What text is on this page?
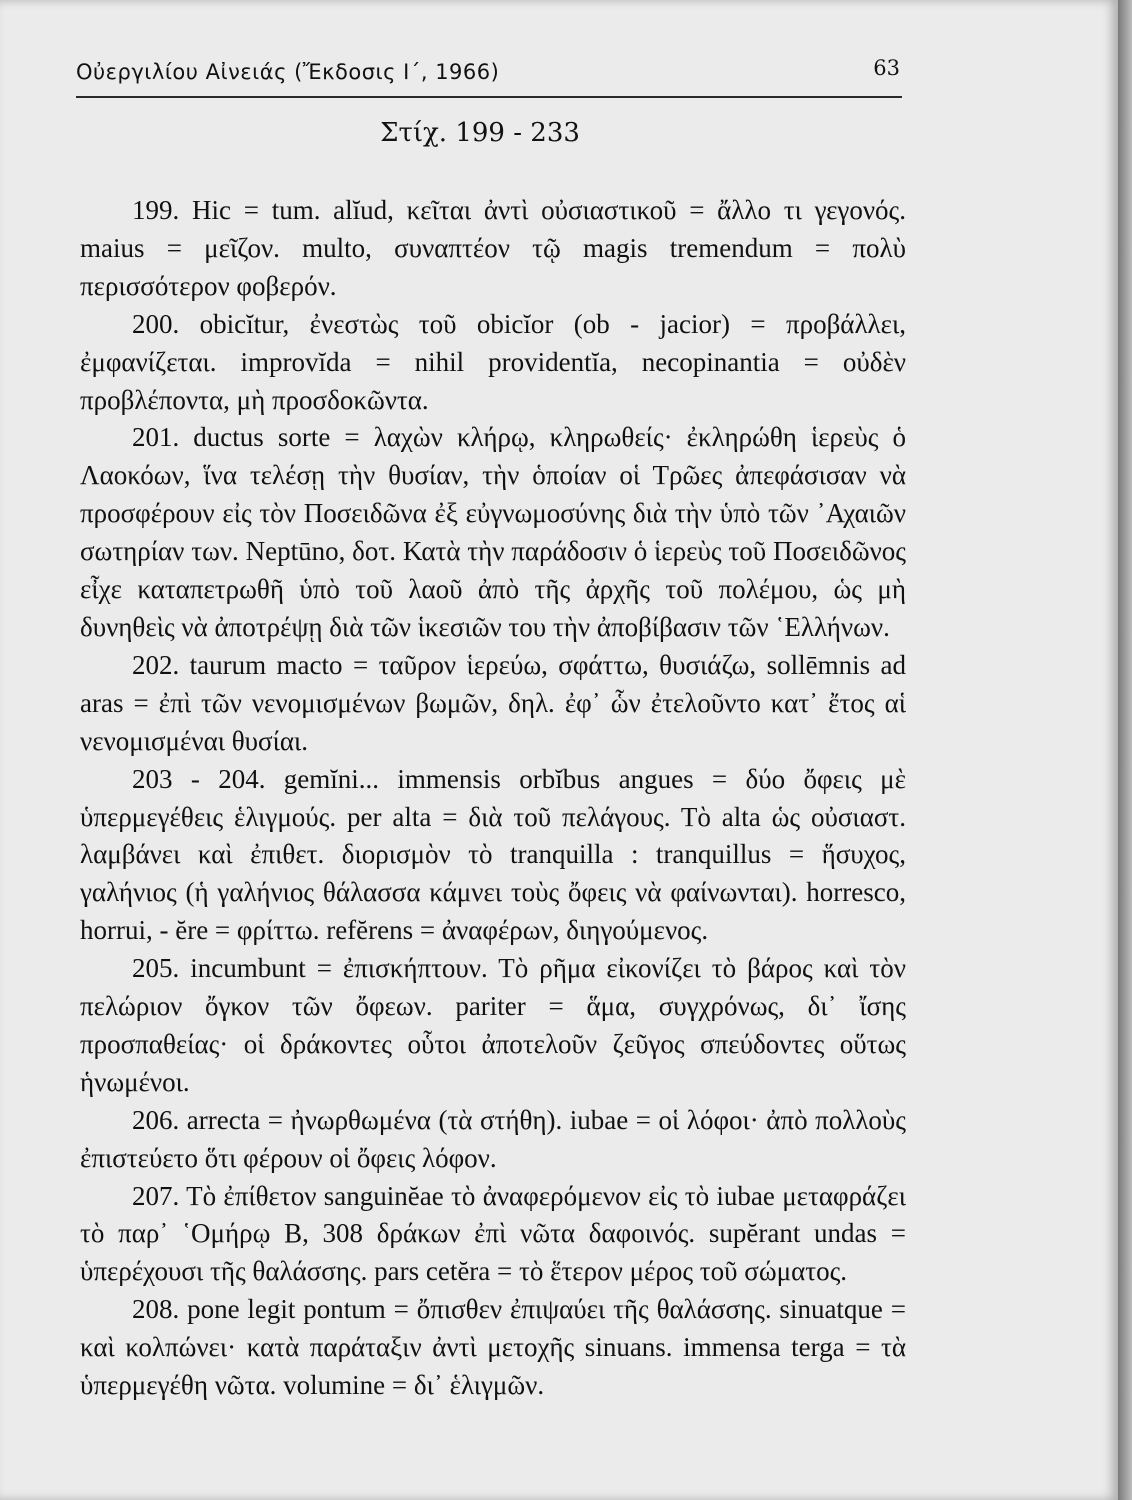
Οὐεργιλίου Αἰνειάς (Ἔκδοσις Ι΄, 1966)	63
Στίχ. 199 - 233

199. Hic = tum. alĭud, κεῖται ἀντὶ οὐσιαστικοῦ = ἄλλο τι γεγονός. maius = μεῖζον. multo, συναπτέον τῷ magis tremendum = πολὺ περισσότερον φοβερόν.

200. obicĭtur, ἐνεστὼς τοῦ obicĭor (ob - jacior) = προβάλλει, ἐμφανίζεται. improvĭda = nihil providentĭa, necopinantia = οὐδὲν προβλέποντα, μὴ προσδοκῶντα.

201. ductus sorte = λαχὼν κλήρῳ, κληρωθείς· ἐκληρώθη ἱερεὺς ὁ Λαοκόων, ἵνα τελέσῃ τὴν θυσίαν, τὴν ὁποίαν οἱ Τρῶες ἀπεφάσισαν νὰ προσφέρουν εἰς τὸν Ποσειδῶνα ἐξ εὐγνωμοσύνης διὰ τὴν ὑπὸ τῶν ᾿Αχαιῶν σωτηρίαν των. Neptūno, δοτ. Κατὰ τὴν παράδοσιν ὁ ἱερεὺς τοῦ Ποσειδῶνος εἶχε καταπετρωθῆ ὑπὸ τοῦ λαοῦ ἀπὸ τῆς ἀρχῆς τοῦ πολέμου, ὡς μὴ δυνηθεὶς νὰ ἀποτρέψῃ διὰ τῶν ἱκεσιῶν του τὴν ἀποβίβασιν τῶν ῾Ελλήνων.

202. taurum macto = ταῦρον ἱερεύω, σφάττω, θυσιάζω, sollēmnis ad aras = ἐπὶ τῶν νενομισμένων βωμῶν, δηλ. ἐφ᾿ ὧν ἐτελοῦντο κατ᾿ ἔτος αἱ νενομισμέναι θυσίαι.

203 - 204. gemĭni... immensis orbĭbus angues = δύο ὄφεις μὲ ὑπερμεγέθεις ἑλιγμούς. per alta = διὰ τοῦ πελάγους. Τὸ alta ὡς οὐσιαστ. λαμβάνει καὶ ἐπιθετ. διορισμὸν τὸ tranquilla : tranquillus = ἥσυχος, γαλήνιος (ἡ γαλήνιος θάλασσα κάμνει τοὺς ὄφεις νὰ φαίνωνται). horresco, horrui, - ĕre = φρίττω. refĕrens = ἀναφέρων, διηγούμενος.

205. incumbunt = ἐπισκήπτουν. Τὸ ρῆμα εἰκονίζει τὸ βάρος καὶ τὸν πελώριον ὄγκον τῶν ὄφεων. pariter = ἅμα, συγχρόνως, δι᾿ ἴσης προσπαθείας· οἱ δράκοντες οὗτοι ἀποτελοῦν ζεῦγος σπεύδοντες οὕτως ἡνωμένοι.

206. arrecta = ἠνωρθωμένα (τὰ στήθη). iubae = οἱ λόφοι· ἀπὸ πολλοὺς ἐπιστεύετο ὅτι φέρουν οἱ ὄφεις λόφον.

207. Τὸ ἐπίθετον sanguinĕae τὸ ἀναφερόμενον εἰς τὸ iubae μεταφράζει τὸ παρ᾿ ῾Ομήρῳ Β, 308 δράκων ἐπὶ νῶτα δαφοινός. supĕrant undas = ὑπερέχουσι τῆς θαλάσσης. pars cetĕra = τὸ ἕτερον μέρος τοῦ σώματος.

208. pone legit pontum = ὄπισθεν ἐπιψαύει τῆς θαλάσσης. sinuatque = καὶ κολπώνει· κατὰ παράταξιν ἀντὶ μετοχῆς sinuans. immensa terga = τὰ ὑπερμεγέθη νῶτα. volumine = δι᾿ ἑλιγμῶν.
